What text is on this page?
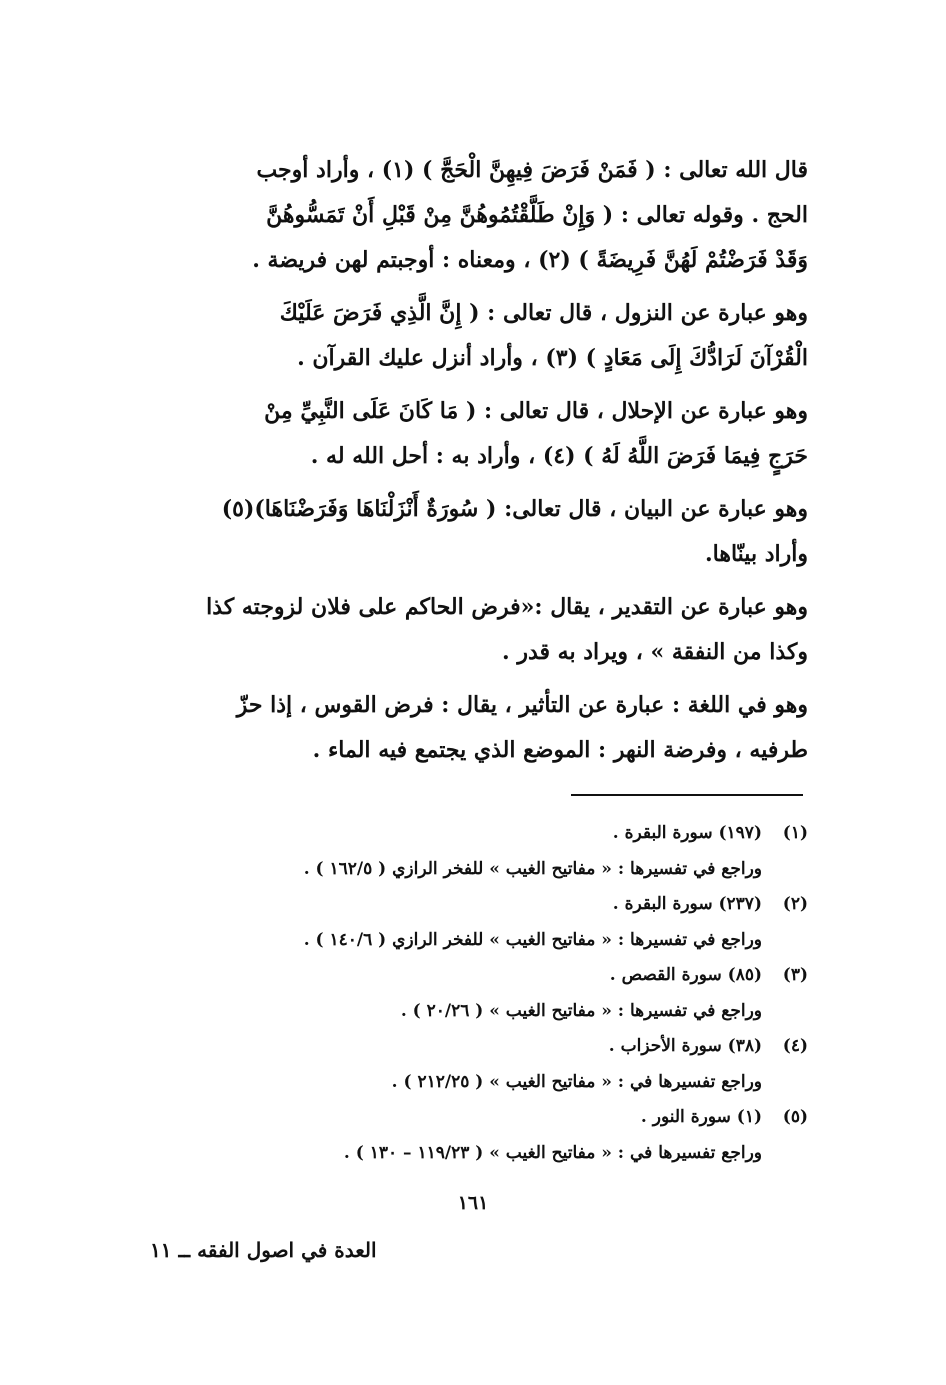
قال الله تعالى : ( فَمَنْ فَرَضَ فِيهِنَّ الْحَجَّ ) (١) ، وأراد أوجب
الحج . وقوله تعالى : ( وَإِنْ طَلَّقْتُمُوهُنَّ مِنْ قَبْلِ أَنْ تَمَسُّوهُنَّ
وَقَدْ فَرَضْتُمْ لَهُنَّ فَرِيضَةً ) (٢) ، ومعناه : أوجبتم لهن فريضة .
وهو عبارة عن النزول ، قال تعالى : ( إِنَّ الَّذِي فَرَضَ عَلَيْكَ
الْقُرْآنَ لَرَادُّكَ إِلَى مَعَادٍ ) (٣) ، وأراد أنزل عليك القرآن .
وهو عبارة عن الإحلال ، قال تعالى : ( مَا كَانَ عَلَى النَّبِيِّ مِنْ
حَرَجٍ فِيمَا فَرَضَ اللَّهُ لَهُ ) (٤) ، وأراد به : أحل الله له .
وهو عبارة عن البيان ، قال تعالى: ( سُورَةٌ أَنْزَلْنَاهَا وَفَرَضْنَاهَا)(٥)
وأراد بينّاها.
وهو عبارة عن التقدير ، يقال :«فرض الحاكم على فلان لزوجته كذا
وكذا من النفقة » ، ويراد به قدر .
وهو في اللغة : عبارة عن التأثير ، يقال : فرض القوس ، إذا حزّ
طرفيه ، وفرضة النهر : الموضع الذي يجتمع فيه الماء .
(١)
(١٩٧) سورة البقرة .
وراجع في تفسيرها : « مفاتيح الغيب » للفخر الرازي ( ١٦٢/٥ ) .
(٢)
(٢٣٧) سورة البقرة .
وراجع في تفسيرها : « مفاتيح الغيب » للفخر الرازي ( ١٤٠/٦ ) .
(٣)
(٨٥) سورة القصص .
وراجع في تفسيرها : « مفاتيح الغيب » ( ٢٠/٢٦ ) .
(٤)
(٣٨) سورة الأحزاب .
وراجع تفسيرها في : « مفاتيح الغيب » ( ٢١٢/٢٥ ) .
(٥)
(١) سورة النور .
وراجع تفسيرها في : « مفاتيح الغيب » ( ١١٩/٢٣ – ١٣٠ ) .
١٦١
العدة في اصول الفقه ــ ١١
